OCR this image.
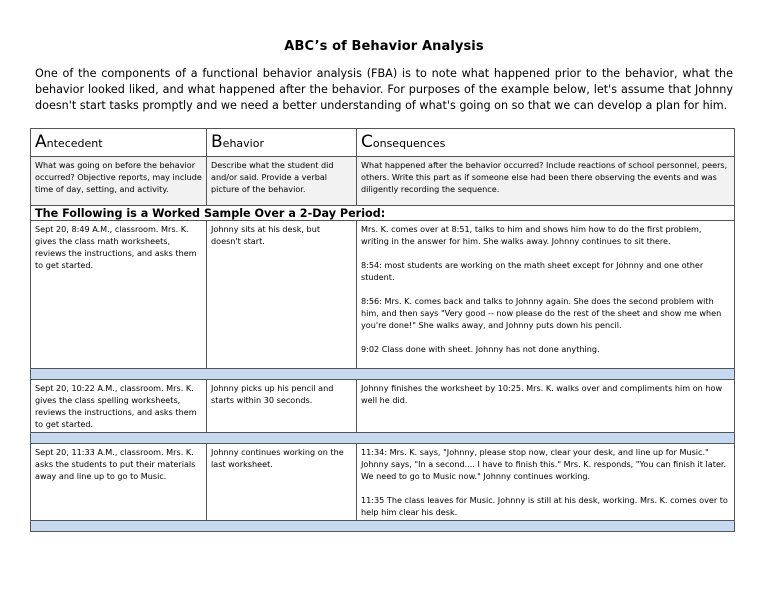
ABC’s of Behavior Analysis
One of the components of a functional behavior analysis (FBA) is to note what happened prior to the behavior, what the behavior looked liked, and what happened after the behavior. For purposes of the example below, let's assume that Johnny doesn't start tasks promptly and we need a better understanding of what's going on so that we can develop a plan for him.
Antecedent	Behavior	Consequences
What was going on before the behavior occurred? Objective reports, may include time of day, setting, and activity.	Describe what the student did and/or said. Provide a verbal picture of the behavior.	What happened after the behavior occurred? Include reactions of school personnel, peers, others. Write this part as if someone else had been there observing the events and was diligently recording the sequence.
The Following is a Worked Sample Over a 2-Day Period:		
Sept 20, 8:49 A.M., classroom. Mrs. K. gives the class math worksheets, reviews the instructions, and asks them to get started.	Johnny sits at his desk, but doesn't start.	Mrs. K. comes over at 8:51, talks to him and shows him how to do the first problem, writing in the answer for him. She walks away. Johnny continues to sit there.

8:54: most students are working on the math sheet except for Johnny and one other student.

8:56: Mrs. K. comes back and talks to Johnny again. She does the second problem with him, and then says "Very good -- now please do the rest of the sheet and show me when you're done!" She walks away, and Johnny puts down his pencil.

9:02 Class done with sheet. Johnny has not done anything.

Sept 20, 10:22 A.M., classroom. Mrs. K. gives the class spelling worksheets, reviews the instructions, and asks them to get started.	Johnny picks up his pencil and starts within 30 seconds.	Johnny finishes the worksheet by 10:25. Mrs. K. walks over and compliments him on how well he did.

Sept 20, 11:33 A.M., classroom. Mrs. K. asks the students to put their materials away and line up to go to Music.	Johnny continues working on the last worksheet.	11:34: Mrs. K. says, "Johnny, please stop now, clear your desk, and line up for Music." Johnny says, "In a second.... I have to finish this." Mrs. K. responds, "You can finish it later. We need to go to Music now." Johnny continues working.

11:35 The class leaves for Music. Johnny is still at his desk, working. Mrs. K. comes over to help him clear his desk.
